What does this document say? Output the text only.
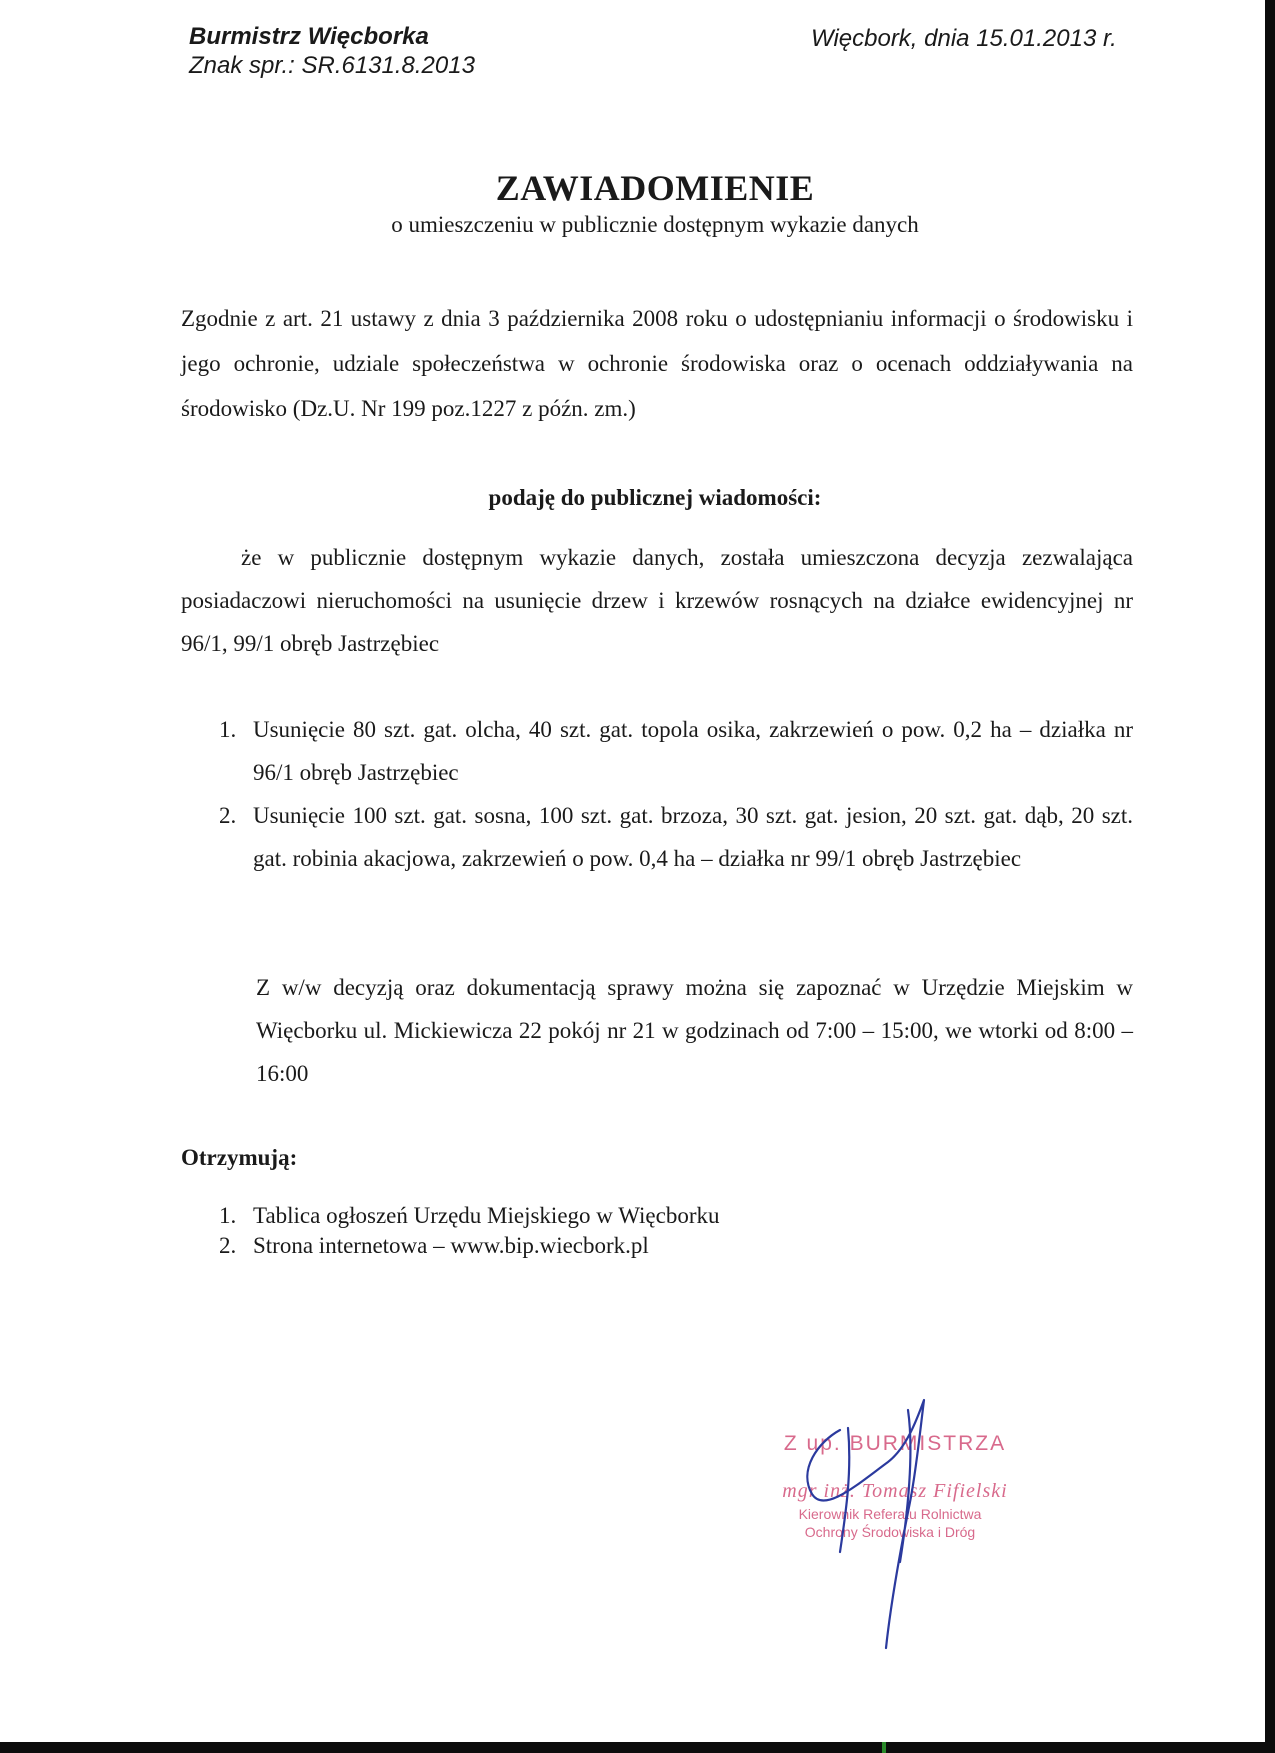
Burmistrz Więcborka
Znak spr.: SR.6131.8.2013
Więcbork, dnia 15.01.2013 r.
ZAWIADOMIENIE
o umieszczeniu w publicznie dostępnym wykazie danych
Zgodnie z art. 21 ustawy z dnia 3 października 2008 roku o udostępnianiu informacji o środowisku i jego ochronie, udziale społeczeństwa w ochronie środowiska oraz o ocenach oddziaływania na środowisko (Dz.U. Nr 199 poz.1227 z późn. zm.)
podaję do publicznej wiadomości:
że w publicznie dostępnym wykazie danych, została umieszczona decyzja zezwalająca posiadaczowi nieruchomości na usunięcie drzew i krzewów rosnących na działce ewidencyjnej nr 96/1, 99/1 obręb Jastrzębiec
1. Usunięcie 80 szt. gat. olcha, 40 szt. gat. topola osika, zakrzewień o pow. 0,2 ha – działka nr 96/1 obręb Jastrzębiec
2. Usunięcie 100 szt. gat. sosna, 100 szt. gat. brzoza, 30 szt. gat. jesion, 20 szt. gat. dąb, 20 szt. gat. robinia akacjowa, zakrzewień o pow. 0,4 ha – działka nr 99/1 obręb Jastrzębiec
Z w/w decyzją oraz dokumentacją sprawy można się zapoznać w Urzędzie Miejskim w Więcborku ul. Mickiewicza 22 pokój nr 21 w godzinach od 7:00 – 15:00, we wtorki od 8:00 – 16:00
Otrzymują:
1. Tablica ogłoszeń Urzędu Miejskiego w Więcborku
2. Strona internetowa – www.bip.wiecbork.pl
Z up. BURMISTRZA
mgr inż. Tomasz Fifielski
Kierownik Referatu Rolnictwa
Ochrony Środowiska i Dróg
